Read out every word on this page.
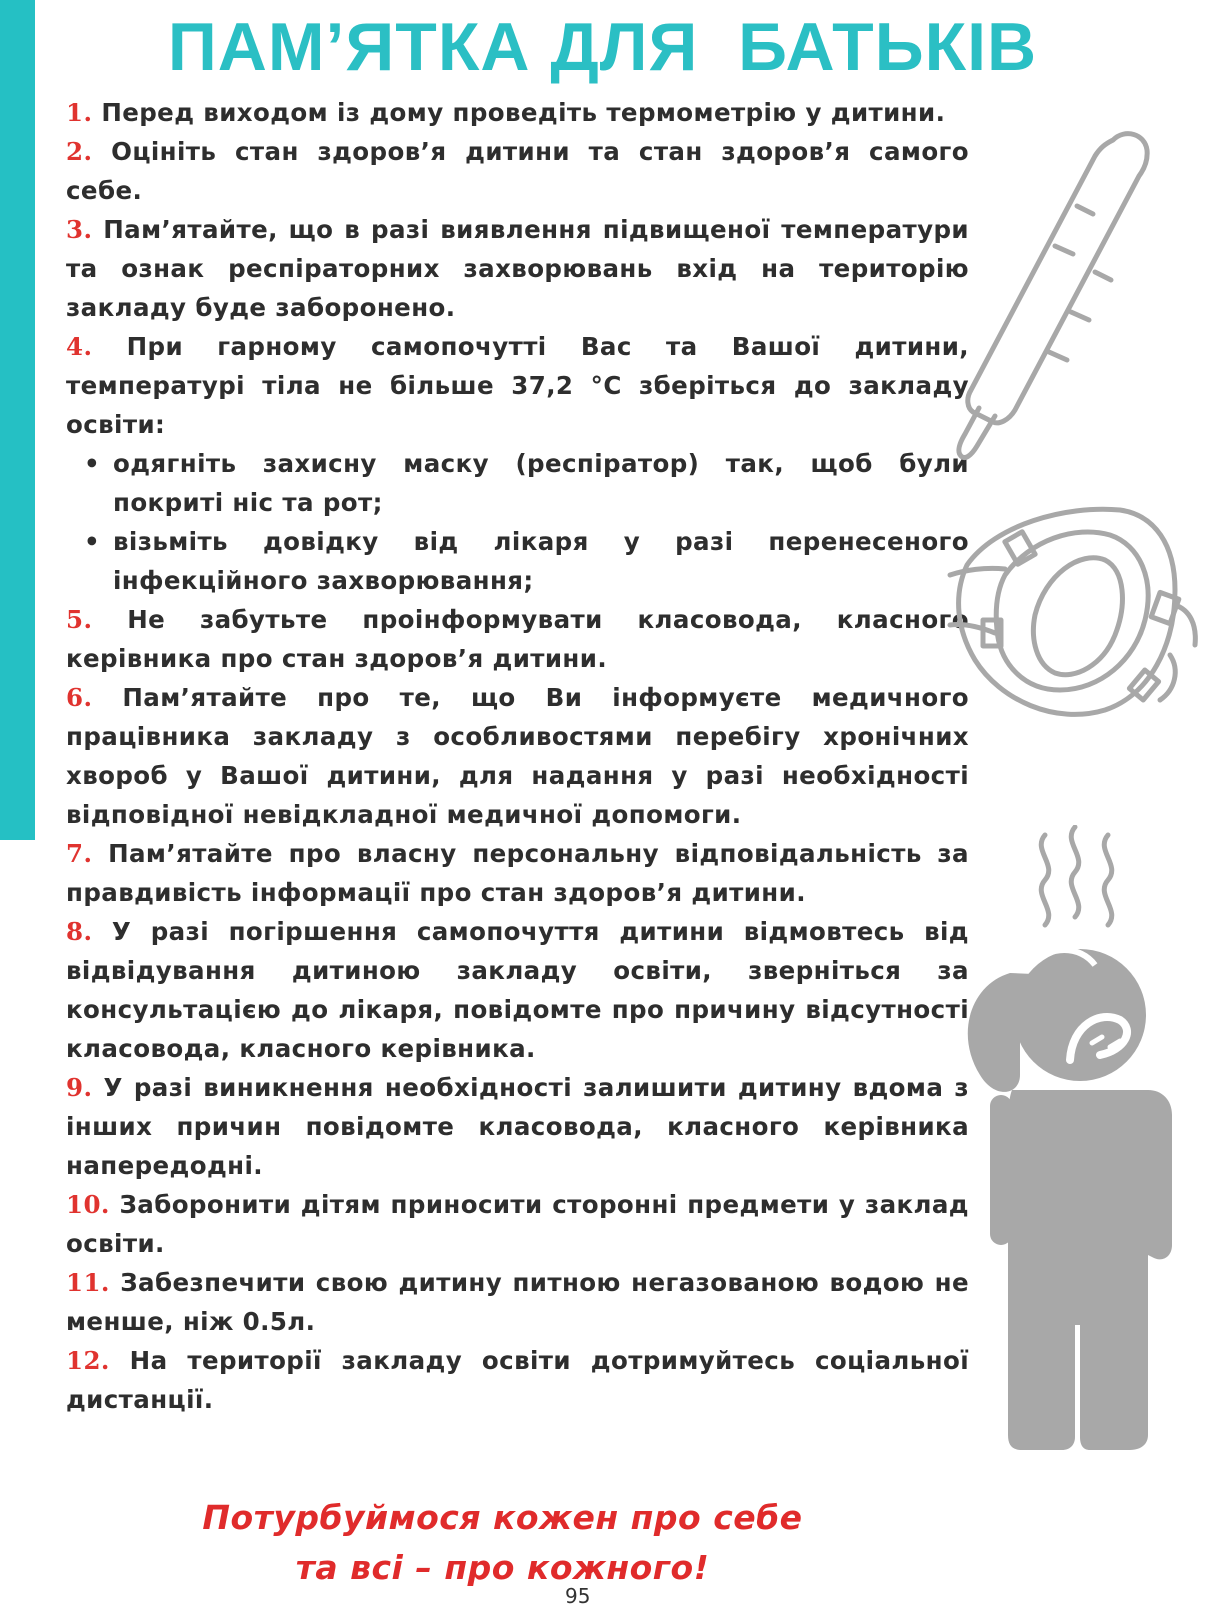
ПАМ’ЯТКА ДЛЯ  БАТЬКІВ

1. Перед виходом із дому проведіть термометрію у дитини.

2. Оцініть стан здоров’я дитини та стан здоров’я самого себе.

3. Пам’ятайте, що в разі виявлення підвищеної температури та ознак респіраторних захворювань вхід на територію закладу буде заборонено.

4. При гарному самопочутті Вас та Вашої дитини, температурі тіла не більше 37,2 °С зберіться до закладу освіти:

• одягніть захисну маску (респіратор) так, щоб були покриті ніс та рот;

• візьміть довідку від лікаря у разі перенесеного інфекційного захворювання;

5. Не забутьте проінформувати класовода, класного керівника про стан здоров’я дитини.

6. Пам’ятайте про те, що Ви інформуєте медичного працівника закладу з особливостями перебігу хронічних хвороб у Вашої дитини, для надання у разі необхідності відповідної невідкладної медичної допомоги.

7. Пам’ятайте про власну персональну відповідальність за правдивість інформації про стан здоров’я дитини.

8. У разі погіршення самопочуття дитини відмовтесь від відвідування дитиною закладу освіти, зверніться за консультацією до лікаря, повідомте про причину відсутності класовода, класного керівника.

9. У разі виникнення необхідності залишити дитину вдома з інших причин повідомте класовода, класного керівника напередодні.

10. Заборонити дітям приносити сторонні предмети у заклад освіти.

11. Забезпечити свою дитину питною негазованою водою не менше, ніж 0.5л.

12. На території закладу освіти дотримуйтесь соціальної дистанції.

Потурбуймося кожен про себе
та всі – про кожного!
95
